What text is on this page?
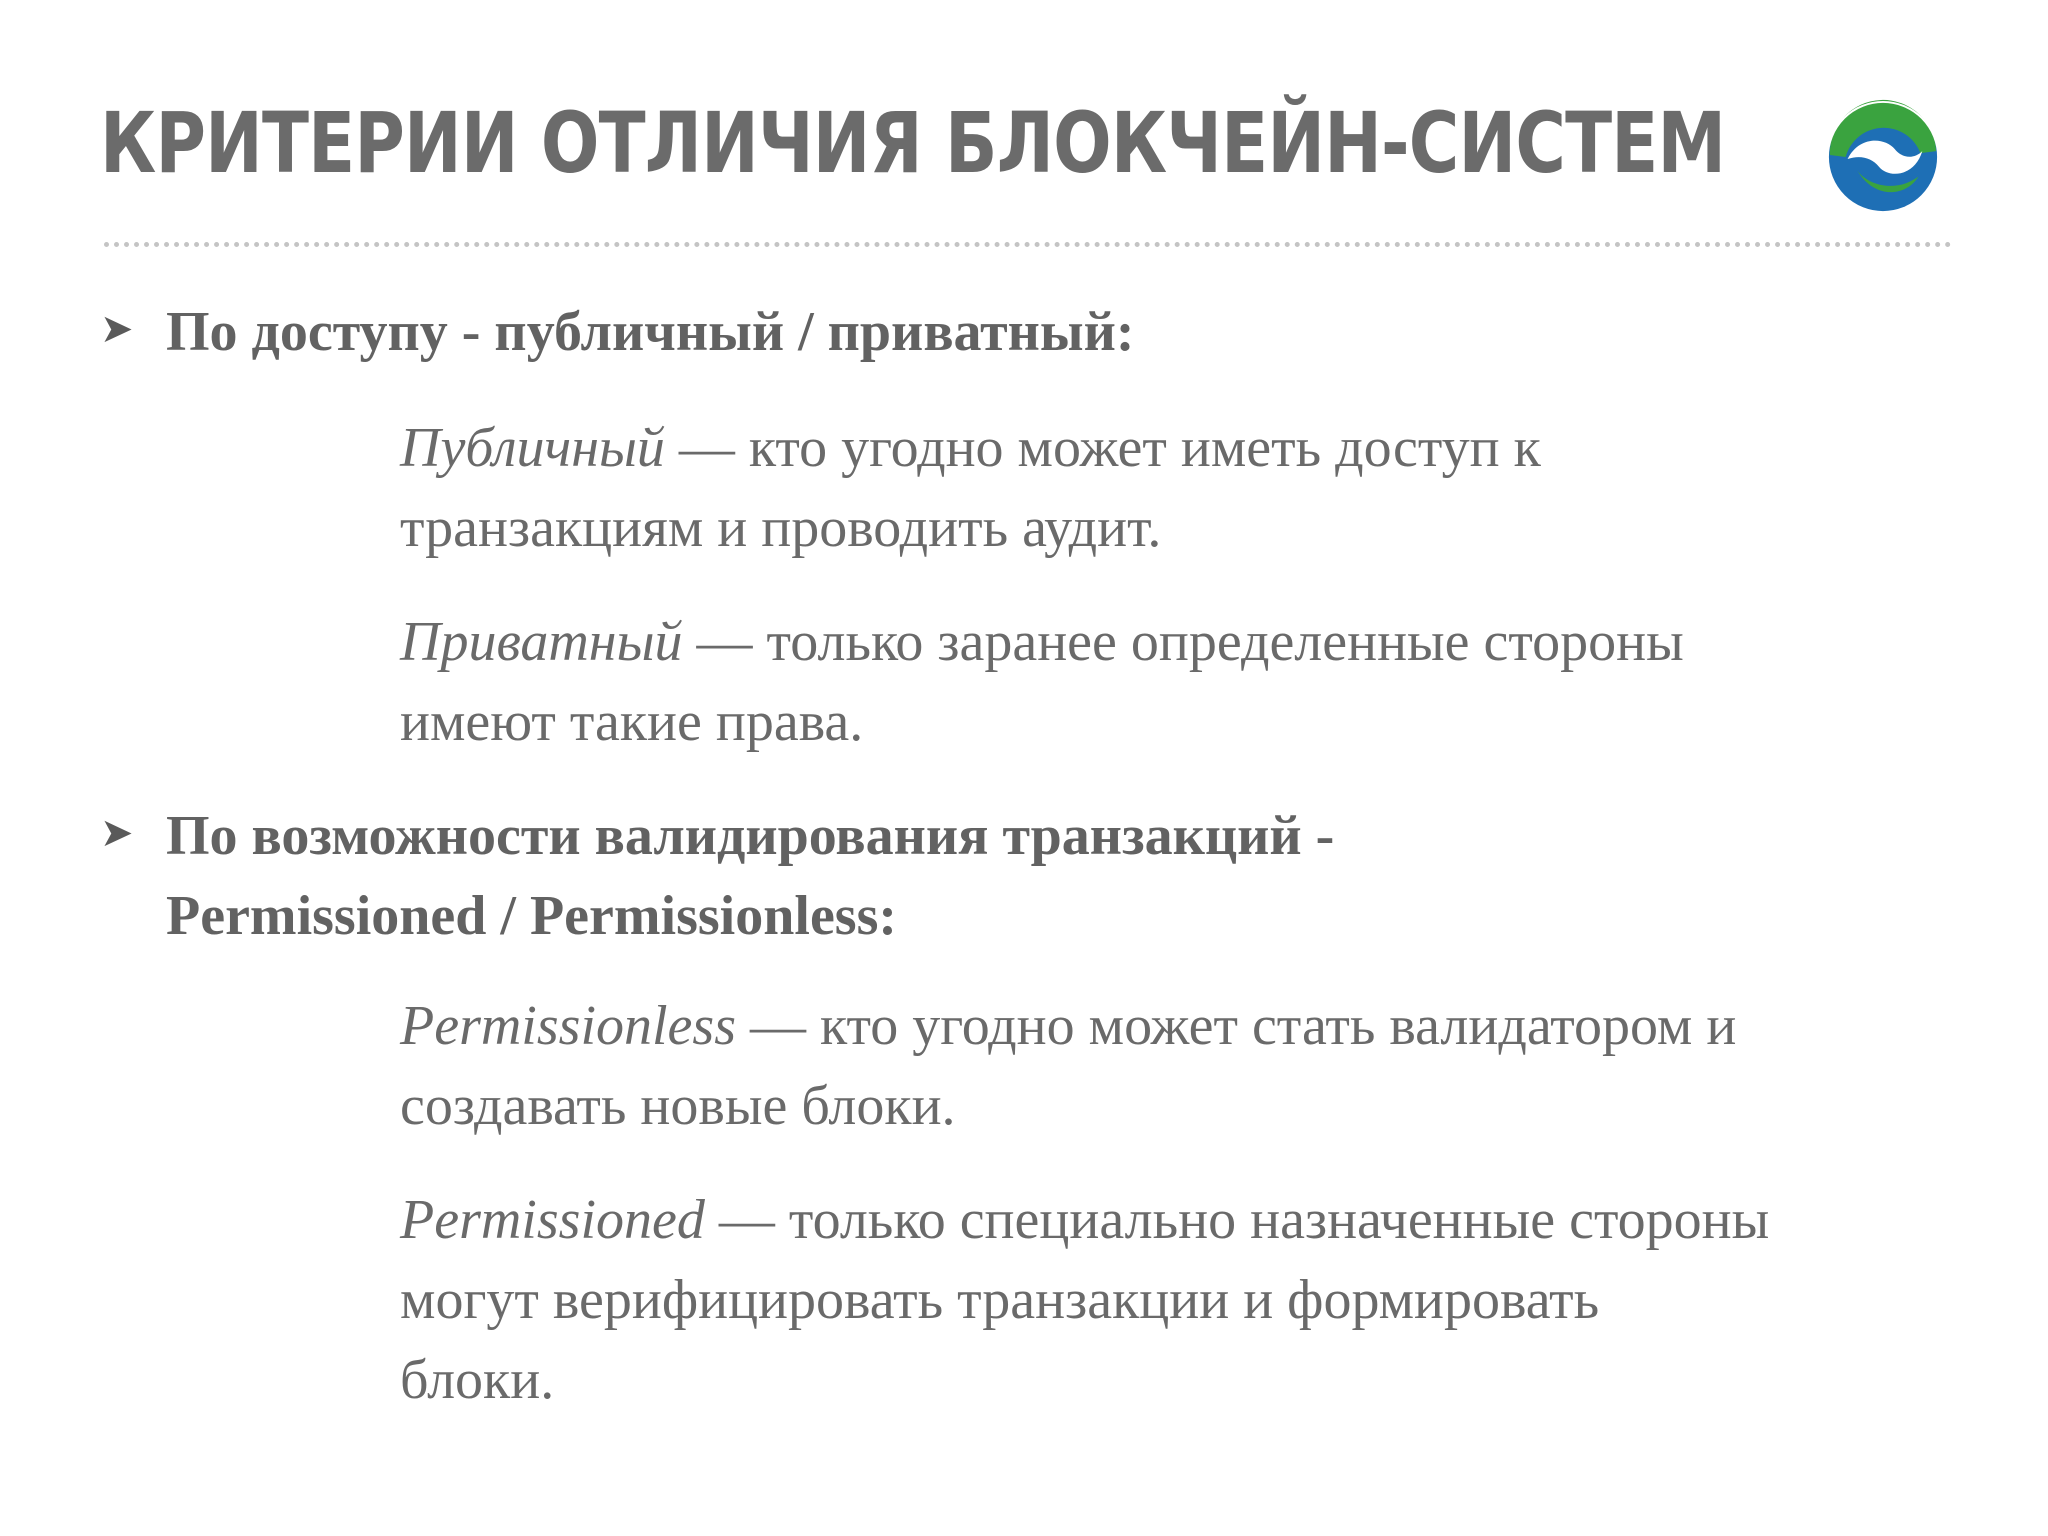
КРИТЕРИИ ОТЛИЧИЯ БЛОКЧЕЙН-СИСТЕМ
➤ По доступу - публичный / приватный:

Публичный — кто угодно может иметь доступ к
транзакциям и проводить аудит.

Приватный — только заранее определенные стороны
имеют такие права.

➤ По возможности валидирования транзакций -
Permissioned / Permissionless:

Permissionless — кто угодно может стать валидатором и
создавать новые блоки.

Permissioned — только специально назначенные стороны
могут верифицировать транзакции и формировать
блоки.
